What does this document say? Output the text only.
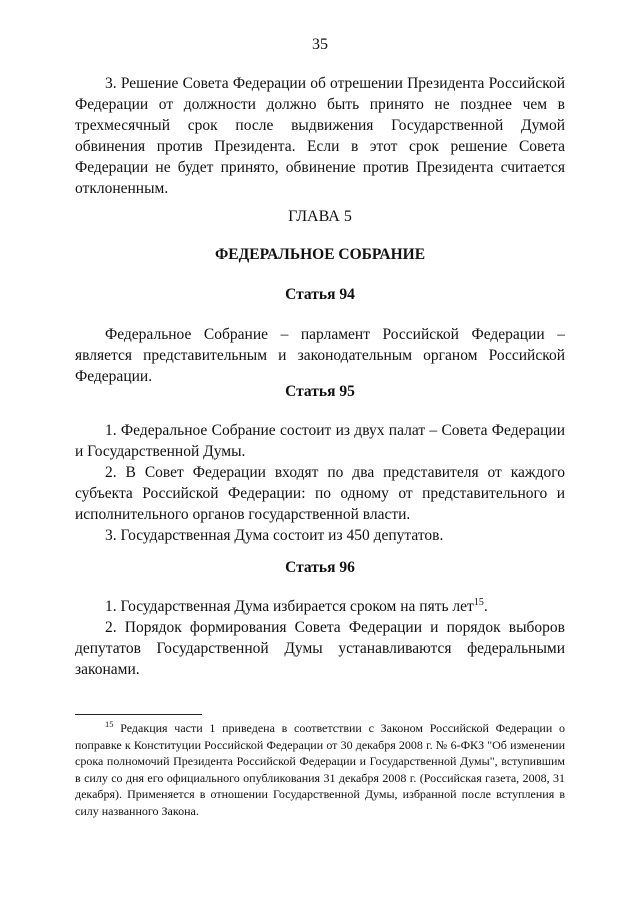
35

3. Решение Совета Федерации об отрешении Президента Российской Федерации от должности должно быть принято не позднее чем в трехмесячный срок после выдвижения Государственной Думой обвинения против Президента. Если в этот срок решение Совета Федерации не будет принято, обвинение против Президента считается отклоненным.

ГЛАВА 5
ФЕДЕРАЛЬНОЕ СОБРАНИЕ
Статья 94

Федеральное Собрание – парламент Российской Федерации – является представительным и законодательным органом Российской Федерации.

Статья 95

1. Федеральное Собрание состоит из двух палат – Совета Федерации и Государственной Думы.

2. В Совет Федерации входят по два представителя от каждого субъекта Российской Федерации: по одному от представительного и исполнительного органов государственной власти.

3. Государственная Дума состоит из 450 депутатов.

Статья 96

1. Государственная Дума избирается сроком на пять лет$^{15}$.

2. Порядок формирования Совета Федерации и порядок выборов депутатов Государственной Думы устанавливаются федеральными законами.

$^{15}$ Редакция части 1 приведена в соответствии с Законом Российской Федерации о поправке к Конституции Российской Федерации от 30 декабря 2008 г. № 6-ФКЗ "Об изменении срока полномочий Президента Российской Федерации и Государственной Думы", вступившим в силу со дня его официального опубликования 31 декабря 2008 г. (Российская газета, 2008, 31 декабря). Применяется в отношении Государственной Думы, избранной после вступления в силу названного Закона.
